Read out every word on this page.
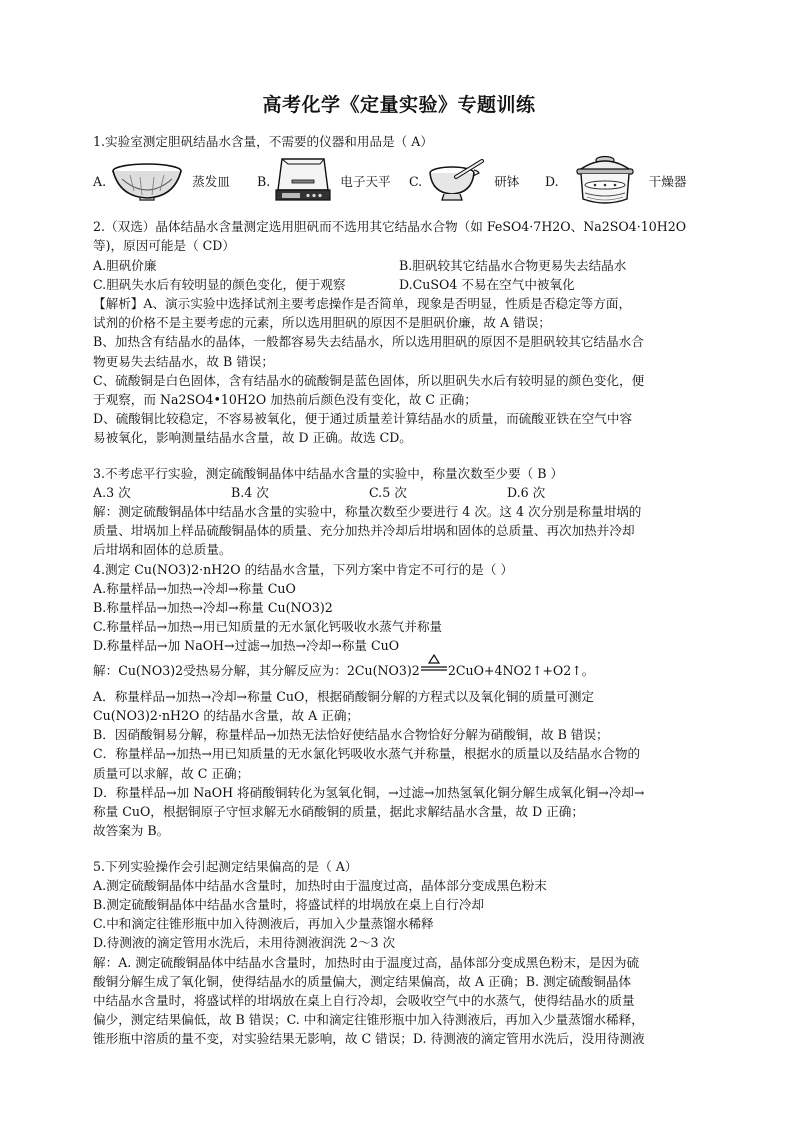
高考化学《定量实验》专题训练

1.实验室测定胆矾结晶水含量，不需要的仪器和用品是（ A）

A.	蒸发皿 B.	电子天平 C.	研钵 D.	干燥器

2.（双选）晶体结晶水含量测定选用胆矾而不选用其它结晶水合物（如 FeSO4·7H2O、Na2SO4·10H2O

等)，原因可能是（ CD）

A.胆矾价廉	B.胆矾较其它结晶水合物更易失去结晶水
C.胆矾失水后有较明显的颜色变化，便于观察	D.CuSO4 不易在空气中被氧化

【解析】A、演示实验中选择试剂主要考虑操作是否简单，现象是否明显，性质是否稳定等方面，

试剂的价格不是主要考虑的元素，所以选用胆矾的原因不是胆矾价廉，故 A 错误；

B、加热含有结晶水的晶体，一般都容易失去结晶水，所以选用胆矾的原因不是胆矾较其它结晶水合

物更易失去结晶水，故 B 错误；

C、硫酸铜是白色固体，含有结晶水的硫酸铜是蓝色固体，所以胆矾失水后有较明显的颜色变化，便

于观察，而 Na2SO4•10H2O 加热前后颜色没有变化，故 C 正确；

D、硫酸铜比较稳定，不容易被氧化，便于通过质量差计算结晶水的质量，而硫酸亚铁在空气中容

易被氧化，影响测量结晶水含量，故 D 正确。故选 CD。

3.不考虑平行实验，测定硫酸铜晶体中结晶水含量的实验中，称量次数至少要（ B ）

A.3 次	B.4 次	C.5 次	D.6 次

解：测定硫酸铜晶体中结晶水含量的实验中，称量次数至少要进行 4 次。这 4 次分别是称量坩埚的

质量、坩埚加上样品硫酸铜晶体的质量、充分加热并冷却后坩埚和固体的总质量、再次加热并冷却

后坩埚和固体的总质量。

4.测定 Cu(NO3)2·nH2O 的结晶水含量，下列方案中肯定不可行的是（ ）

A.称量样品→加热→冷却→称量 CuO

B.称量样品→加热→冷却→称量 Cu(NO3)2

C.称量样品→加热→用已知质量的无水氯化钙吸收水蒸气并称量

D.称量样品→加 NaOH→过滤→加热→冷却→称量 CuO

解：Cu(NO3)2受热易分解，其分解反应为：2Cu(NO3)2 2CuO+4NO2↑+O2↑。

A．称量样品→加热→冷却→称量 CuO，根据硝酸铜分解的方程式以及氧化铜的质量可测定

Cu(NO3)2·nH2O 的结晶水含量，故 A 正确；

B．因硝酸铜易分解，称量样品→加热无法恰好使结晶水合物恰好分解为硝酸铜，故 B 错误；

C．称量样品→加热→用已知质量的无水氯化钙吸收水蒸气并称量，根据水的质量以及结晶水合物的

质量可以求解，故 C 正确；

D．称量样品→加 NaOH 将硝酸铜转化为氢氧化铜，→过滤→加热氢氧化铜分解生成氧化铜→冷却→

称量 CuO，根据铜原子守恒求解无水硝酸铜的质量，据此求解结晶水含量，故 D 正确；

故答案为 B。

5.下列实验操作会引起测定结果偏高的是（ A）

A.测定硫酸铜晶体中结晶水含量时，加热时由于温度过高，晶体部分变成黑色粉末

B.测定硫酸铜晶体中结晶水含量时，将盛试样的坩埚放在桌上自行冷却

C.中和滴定往锥形瓶中加入待测液后，再加入少量蒸馏水稀释

D.待测液的滴定管用水洗后，未用待测液润洗 2～3 次

解：A. 测定硫酸铜晶体中结晶水含量时，加热时由于温度过高，晶体部分变成黑色粉末，是因为硫

酸铜分解生成了氧化铜，使得结晶水的质量偏大，测定结果偏高，故 A 正确；B. 测定硫酸铜晶体

中结晶水含量时，将盛试样的坩埚放在桌上自行冷却，会吸收空气中的水蒸气，使得结晶水的质量

偏少，测定结果偏低，故 B 错误；C. 中和滴定往锥形瓶中加入待测液后，再加入少量蒸馏水稀释，

锥形瓶中溶质的量不变，对实验结果无影响，故 C 错误；D. 待测液的滴定管用水洗后，没用待测液
